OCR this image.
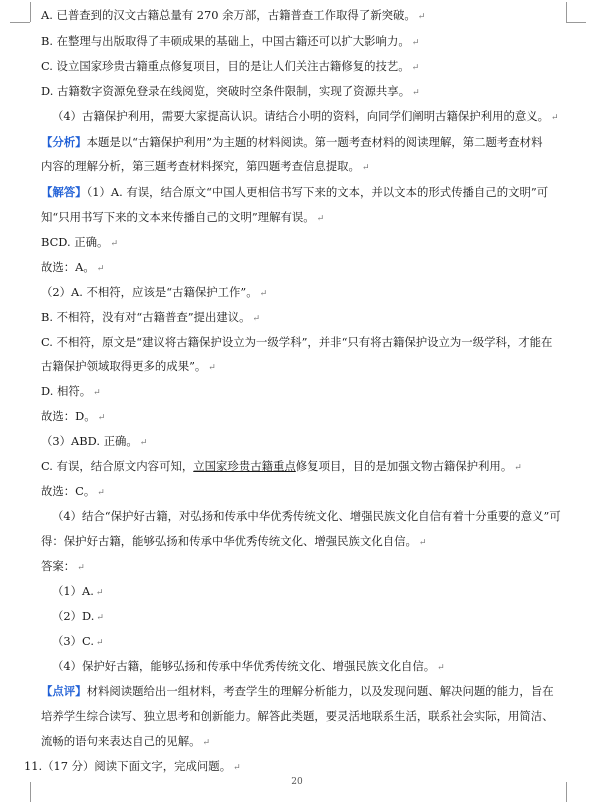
A. 已普查到的汉文古籍总量有 270 余万部，古籍普查工作取得了新突破。 ↵
B. 在整理与出版取得了丰硕成果的基础上，中国古籍还可以扩大影响力。 ↵
C. 设立国家珍贵古籍重点修复项目，目的是让人们关注古籍修复的技艺。 ↵
D. 古籍数字资源免登录在线阅览，突破时空条件限制，实现了资源共享。 ↵
（4）古籍保护利用，需要大家提高认识。请结合小明的资料，向同学们阐明古籍保护利用的意义。 ↵
【分析】本题是以“古籍保护利用”为主题的材料阅读。第一题考查材料的阅读理解，第二题考查材料
内容的理解分析，第三题考查材料探究，第四题考查信息提取。 ↵
【解答】（1）A. 有误，结合原文“中国人更相信书写下来的文本，并以文本的形式传播自己的文明”可
知“只用书写下来的文本来传播自己的文明”理解有误。 ↵
BCD. 正确。 ↵
故选：A。 ↵
（2）A. 不相符，应该是“古籍保护工作”。 ↵
B. 不相符，没有对“古籍普查”提出建议。 ↵
C. 不相符，原文是“建议将古籍保护设立为一级学科”，并非“只有将古籍保护设立为一级学科，才能在
古籍保护领域取得更多的成果”。 ↵
D. 相符。 ↵
故选：D。 ↵
（3）ABD. 正确。 ↵
C. 有误，结合原文内容可知，立国家珍贵古籍重点修复项目，目的是加强文物古籍保护利用。 ↵
故选：C。 ↵
（4）结合“保护好古籍，对弘扬和传承中华优秀传统文化、增强民族文化自信有着十分重要的意义”可
得：保护好古籍，能够弘扬和传承中华优秀传统文化、增强民族文化自信。 ↵
答案： ↵
（1）A. ↵
（2）D. ↵
（3）C. ↵
（4）保护好古籍，能够弘扬和传承中华优秀传统文化、增强民族文化自信。 ↵
【点评】材料阅读题给出一组材料，考查学生的理解分析能力，以及发现问题、解决问题的能力，旨在
培养学生综合读写、独立思考和创新能力。解答此类题，要灵活地联系生活，联系社会实际，用简洁、
流畅的语句来表达自己的见解。 ↵
11.（17 分）阅读下面文字，完成问题。 ↵
20
